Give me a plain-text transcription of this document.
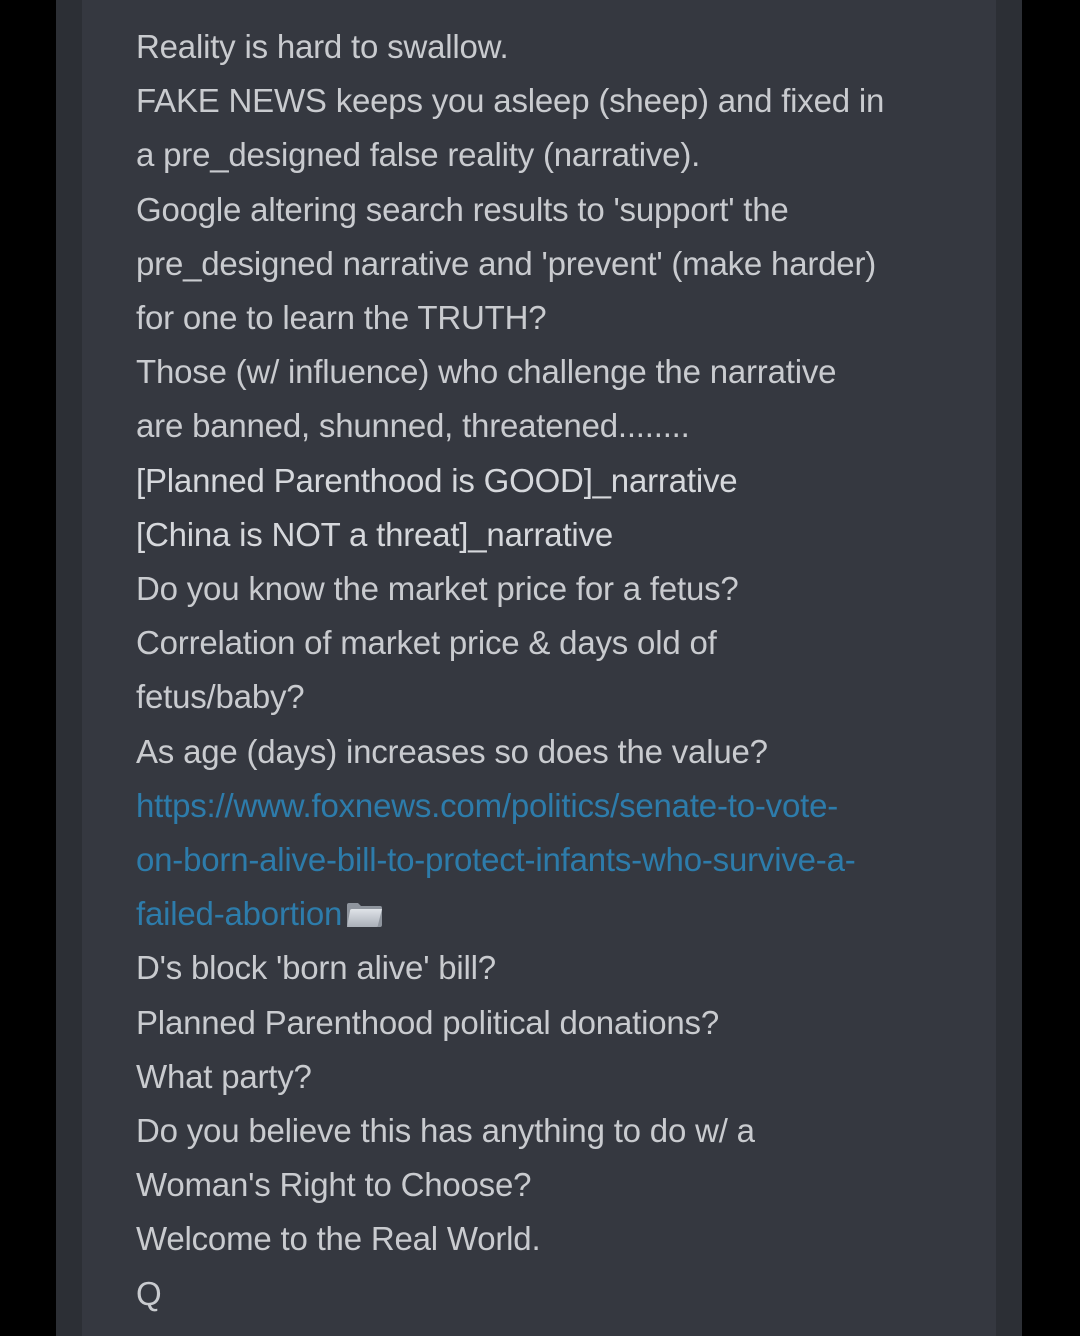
Reality is hard to swallow.
FAKE NEWS keeps you asleep (sheep) and fixed in
a pre_designed false reality (narrative).
Google altering search results to 'support' the
pre_designed narrative and 'prevent' (make harder)
for one to learn the TRUTH?
Those (w/ influence) who challenge the narrative
are banned, shunned, threatened........
[Planned Parenthood is GOOD]_narrative
[China is NOT a threat]_narrative
Do you know the market price for a fetus?
Correlation of market price & days old of
fetus/baby?
As age (days) increases so does the value?
https://www.foxnews.com/politics/senate-to-vote-
on-born-alive-bill-to-protect-infants-who-survive-a-
failed-abortion
D's block 'born alive' bill?
Planned Parenthood political donations?
What party?
Do you believe this has anything to do w/ a
Woman's Right to Choose?
Welcome to the Real World.
Q
